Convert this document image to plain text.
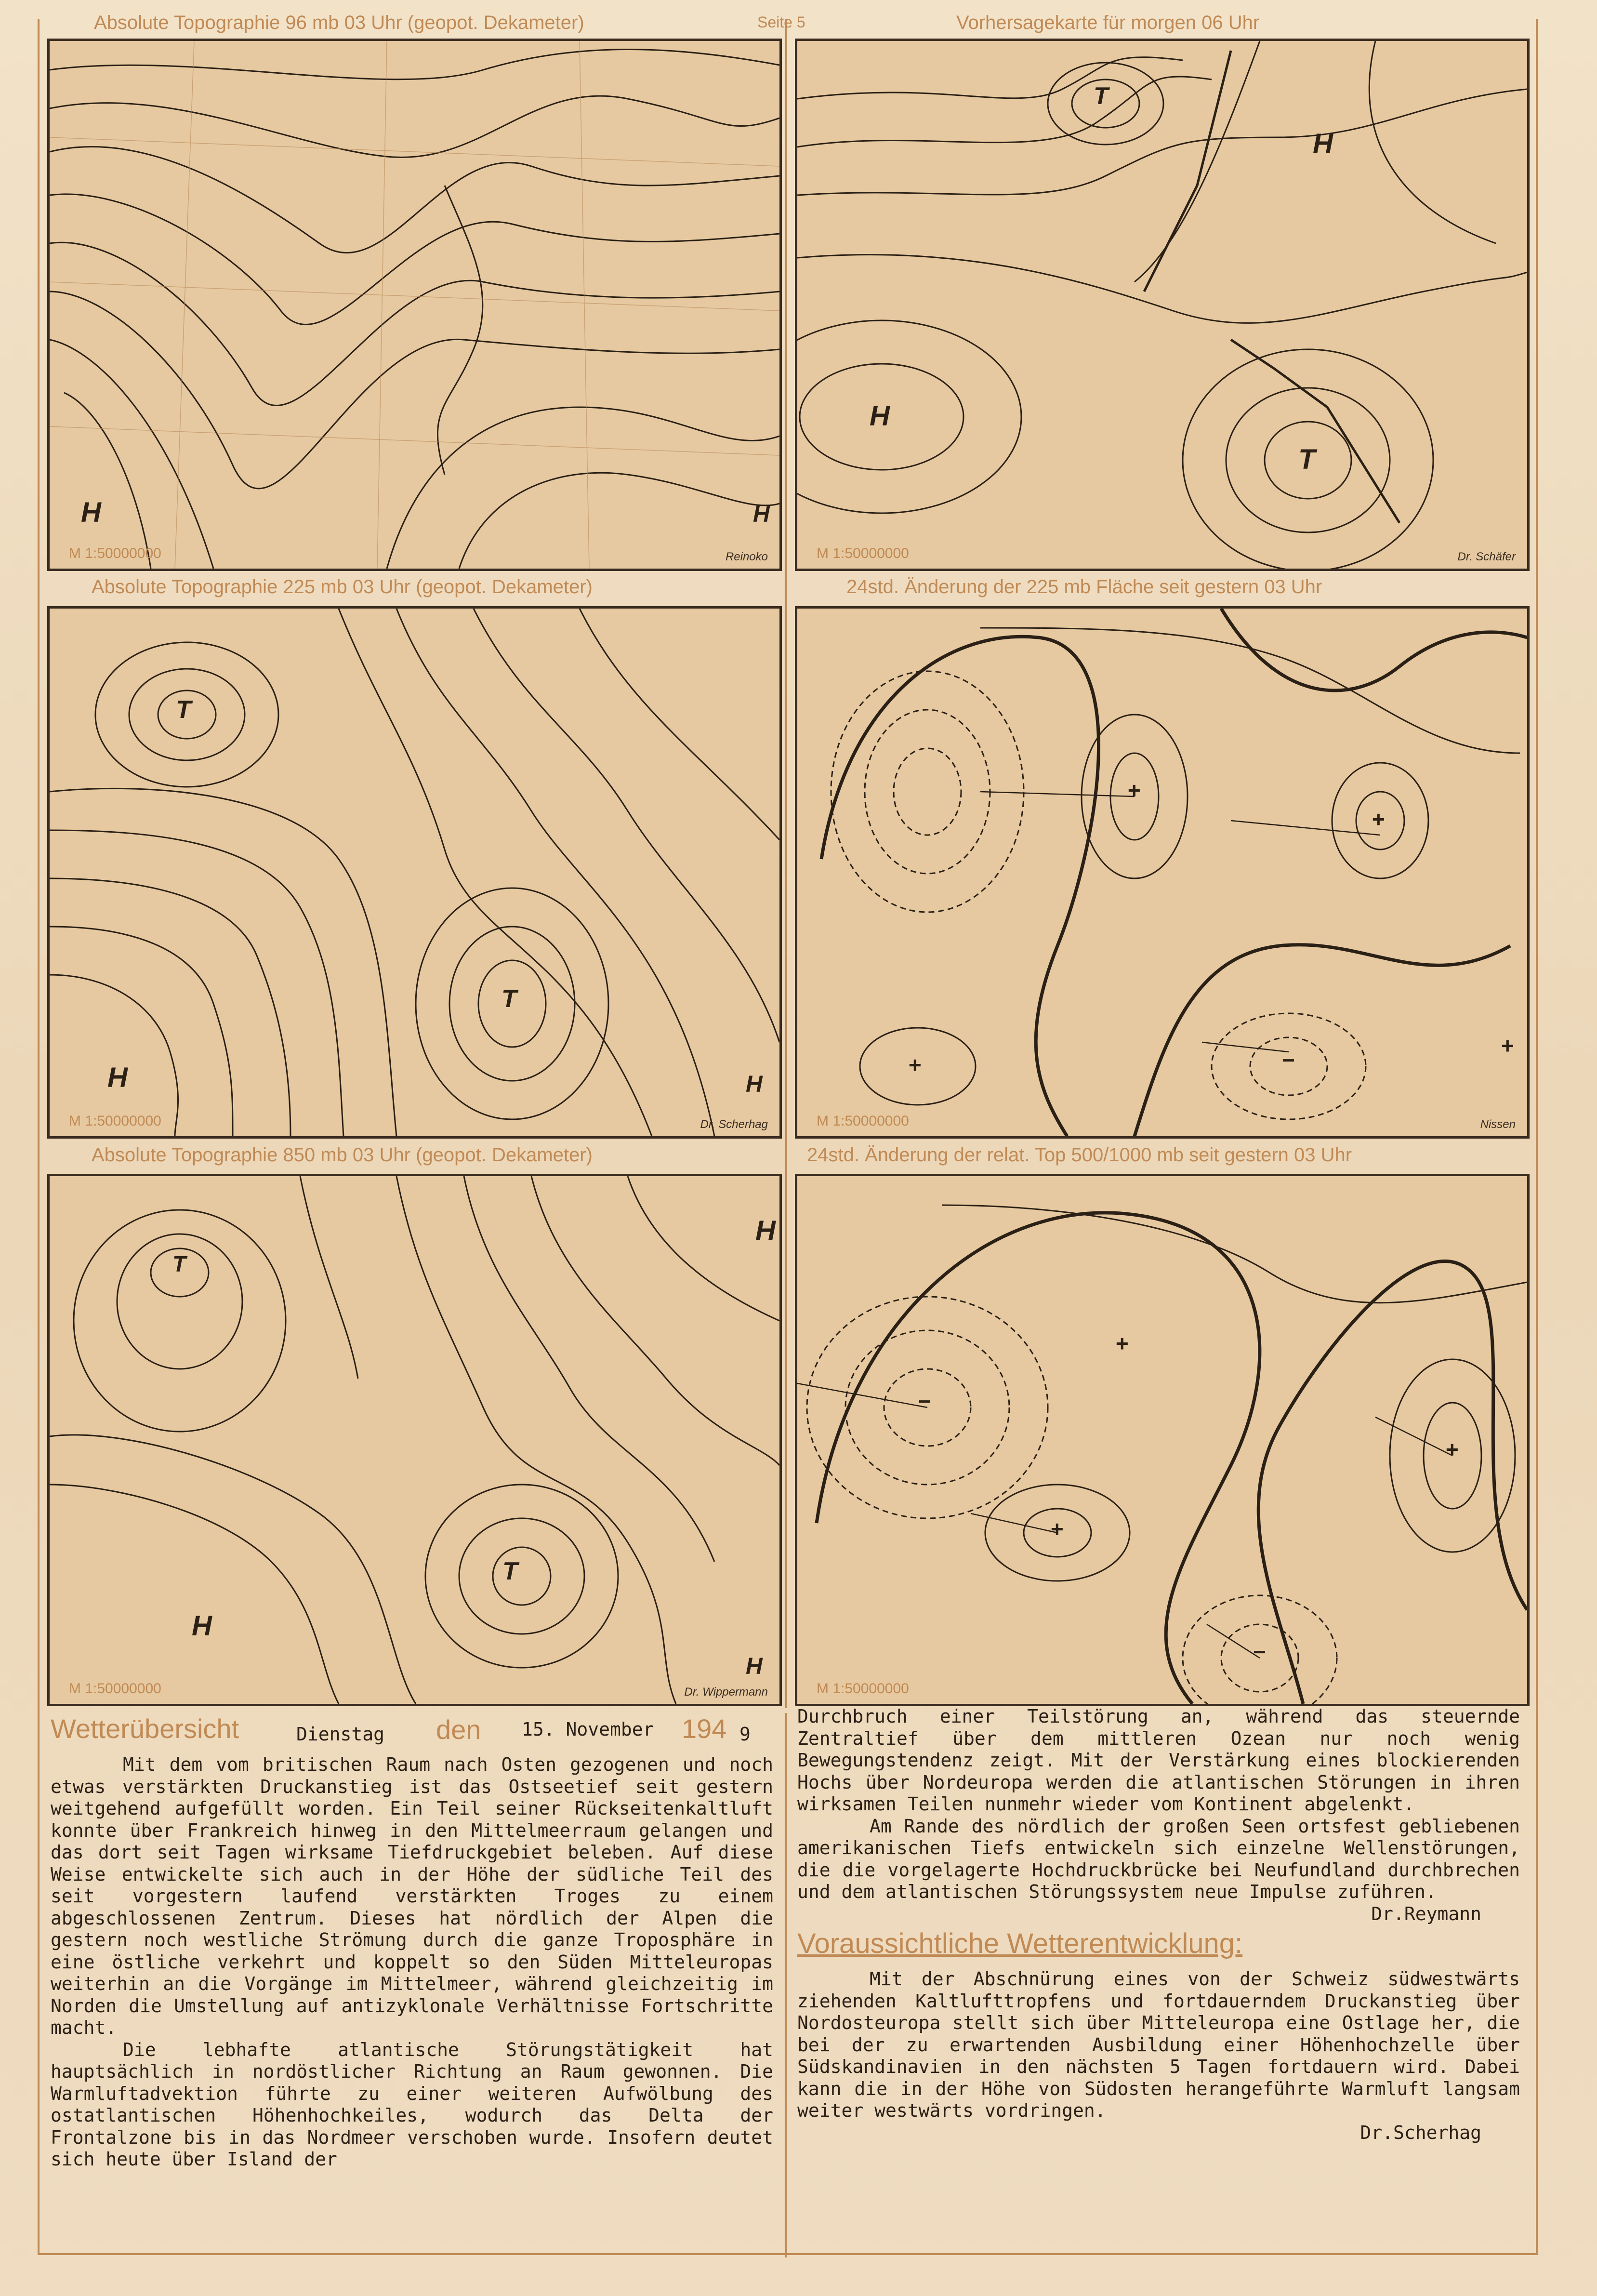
Absolute Topographie 96 mb 03 Uhr (geopot. Dekameter)	Seite 5	Vorhersagekarte für morgen 06 Uhr
Absolute Topographie 225 mb 03 Uhr (geopot. Dekameter)	24std. Änderung der 225 mb Fläche seit gestern 03 Uhr
Absolute Topographie 850 mb 03 Uhr (geopot. Dekameter)	24std. Änderung der relat. Top 500/1000 mb seit gestern 03 Uhr
H	H
M 1:50000000	Reinoko
T
H
H
T
M 1:50000000	Dr. Schäfer
T
H	H
T
M 1:50000000	Dr. Scherhag
+
+
+	−
+
M 1:50000000	Nissen
T
T
H
H
H
M 1:50000000	Dr. Wippermann
+
−
+
+
−
M 1:50000000
Wetterübersicht	Dienstag den 15. November 194 9

Mit dem vom britischen Raum nach Osten gezogenen und noch etwas verstärkten Druckanstieg ist das Ostseetief seit gestern weitgehend aufgefüllt worden. Ein Teil seiner Rückseitenkaltluft konnte über Frankreich hinweg in den Mittelmeerraum gelangen und das dort seit Tagen wirksame Tiefdruckgebiet beleben. Auf diese Weise entwickelte sich auch in der Höhe der südliche Teil des seit vorgestern laufend verstärkten Troges zu einem abgeschlossenen Zentrum. Dieses hat nördlich der Alpen die gestern noch westliche Strömung durch die ganze Troposphäre in eine östliche verkehrt und koppelt so den Süden Mitteleuropas weiterhin an die Vorgänge im Mittelmeer, während gleichzeitig im Norden die Umstellung auf antizyklonale Verhältnisse Fortschritte macht.

Die lebhafte atlantische Störungstätigkeit hat hauptsächlich in nordöstlicher Richtung an Raum gewonnen. Die Warmluftadvektion führte zu einer weiteren Aufwölbung des ostatlantischen Höhenhochkeiles, wodurch das Delta der Frontalzone bis in das Nordmeer verschoben wurde. Insofern deutet sich heute über Island der

Durchbruch einer Teilstörung an, während das steuernde Zentraltief über dem mittleren Ozean nur noch wenig Bewegungstendenz zeigt. Mit der Verstärkung eines blockierenden Hochs über Nordeuropa werden die atlantischen Störungen in ihren wirksamen Teilen nunmehr wieder vom Kontinent abgelenkt.

Am Rande des nördlich der großen Seen ortsfest gebliebenen amerikanischen Tiefs entwickeln sich einzelne Wellenstörungen, die die vorgelagerte Hochdruckbrücke bei Neufundland durchbrechen und dem atlantischen Störungssystem neue Impulse zuführen.

Dr.Reymann
Voraussichtliche Wetterentwicklung:

Mit der Abschnürung eines von der Schweiz südwestwärts ziehenden Kaltlufttropfens und fortdauerndem Druckanstieg über Nordosteuropa stellt sich über Mitteleuropa eine Ostlage her, die bei der zu erwartenden Ausbildung einer Höhenhochzelle über Südskandinavien in den nächsten 5 Tagen fortdauern wird. Dabei kann die in der Höhe von Südosten herangeführte Warmluft langsam weiter westwärts vordringen.

Dr.Scherhag
